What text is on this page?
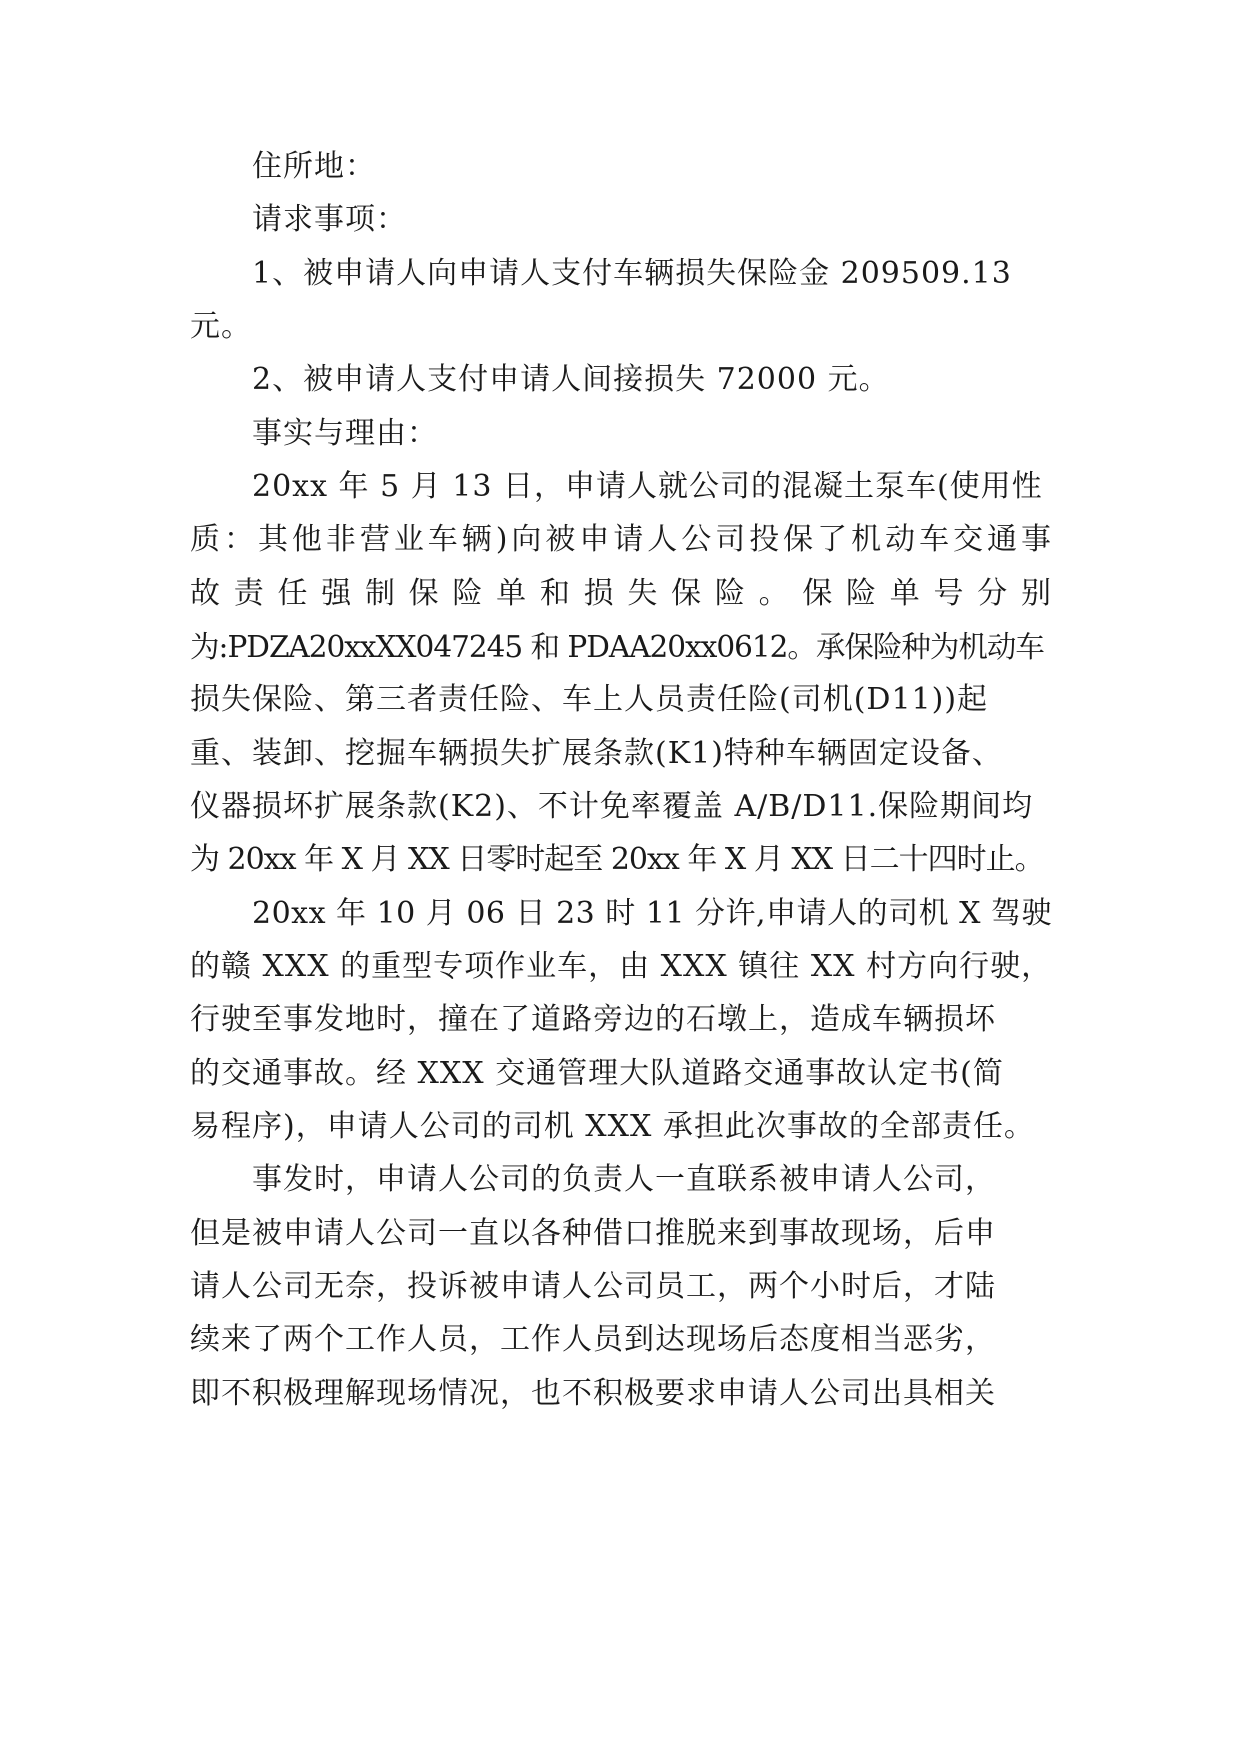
住所地：
请求事项：
1、被申请人向申请人支付车辆损失保险金 209509.13
元。
2、被申请人支付申请人间接损失 72000 元。
事实与理由：
20xx 年 5 月 13 日，申请人就公司的混凝土泵车(使用性
质：其他非营业车辆)向被申请人公司投保了机动车交通事
故责任强制保险单和损失保险。保险单号分别
为:PDZA20xxXX047245 和 PDAA20xx0612。承保险种为机动车
损失保险、第三者责任险、车上人员责任险(司机(D11))起
重、装卸、挖掘车辆损失扩展条款(K1)特种车辆固定设备、
仪器损坏扩展条款(K2)、不计免率覆盖 A/B/D11.保险期间均
为 20xx 年 X 月 XX 日零时起至 20xx 年 X 月 XX 日二十四时止。
20xx 年 10 月 06 日 23 时 11 分许,申请人的司机 X 驾驶
的赣 XXX 的重型专项作业车，由 XXX 镇往 XX 村方向行驶，
行驶至事发地时，撞在了道路旁边的石墩上，造成车辆损坏
的交通事故。经 XXX 交通管理大队道路交通事故认定书(简
易程序)，申请人公司的司机 XXX 承担此次事故的全部责任。
事发时，申请人公司的负责人一直联系被申请人公司，
但是被申请人公司一直以各种借口推脱来到事故现场，后申
请人公司无奈，投诉被申请人公司员工，两个小时后，才陆
续来了两个工作人员，工作人员到达现场后态度相当恶劣，
即不积极理解现场情况，也不积极要求申请人公司出具相关
